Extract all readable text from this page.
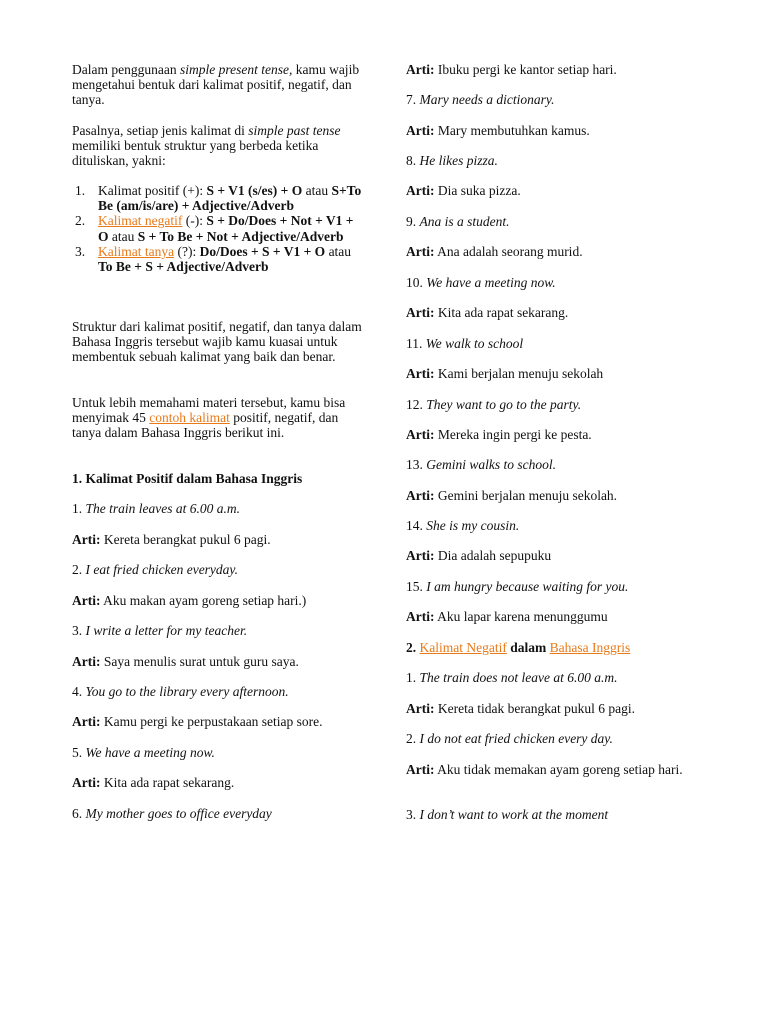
Dalam penggunaan simple present tense, kamu wajib mengetahui bentuk dari kalimat positif, negatif, dan tanya.
Pasalnya, setiap jenis kalimat di simple past tense memiliki bentuk struktur yang berbeda ketika dituliskan, yakni:
1. Kalimat positif (+): S + V1 (s/es) + O atau S+To Be (am/is/are) + Adjective/Adverb
2. Kalimat negatif (-): S + Do/Does + Not + V1 + O atau S + To Be + Not + Adjective/Adverb
3. Kalimat tanya (?): Do/Does + S + V1 + O atau To Be + S + Adjective/Adverb
Struktur dari kalimat positif, negatif, dan tanya dalam Bahasa Inggris tersebut wajib kamu kuasai untuk membentuk sebuah kalimat yang baik dan benar.
Untuk lebih memahami materi tersebut, kamu bisa menyimak 45 contoh kalimat positif, negatif, dan tanya dalam Bahasa Inggris berikut ini.
1. Kalimat Positif dalam Bahasa Inggris
1. The train leaves at 6.00 a.m.
Arti: Kereta berangkat pukul 6 pagi.
2. I eat fried chicken everyday.
Arti: Aku makan ayam goreng setiap hari.)
3. I write a letter for my teacher.
Arti: Saya menulis surat untuk guru saya.
4. You go to the library every afternoon.
Arti: Kamu pergi ke perpustakaan setiap sore.
5. We have a meeting now.
Arti: Kita ada rapat sekarang.
6. My mother goes to office everyday
Arti: Ibuku pergi ke kantor setiap hari.
7. Mary needs a dictionary.
Arti: Mary membutuhkan kamus.
8. He likes pizza.
Arti: Dia suka pizza.
9. Ana is a student.
Arti: Ana adalah seorang murid.
10. We have a meeting now.
Arti: Kita ada rapat sekarang.
11. We walk to school
Arti: Kami berjalan menuju sekolah
12. They want to go to the party.
Arti: Mereka ingin pergi ke pesta.
13. Gemini walks to school.
Arti: Gemini berjalan menuju sekolah.
14. She is my cousin.
Arti: Dia adalah sepupuku
15. I am hungry because waiting for you.
Arti: Aku lapar karena menunggumu
2. Kalimat Negatif dalam Bahasa Inggris
1. The train does not leave at 6.00 a.m.
Arti: Kereta tidak berangkat pukul 6 pagi.
2. I do not eat fried chicken every day.
Arti: Aku tidak memakan ayam goreng setiap hari.
3. I don’t want to work at the moment
